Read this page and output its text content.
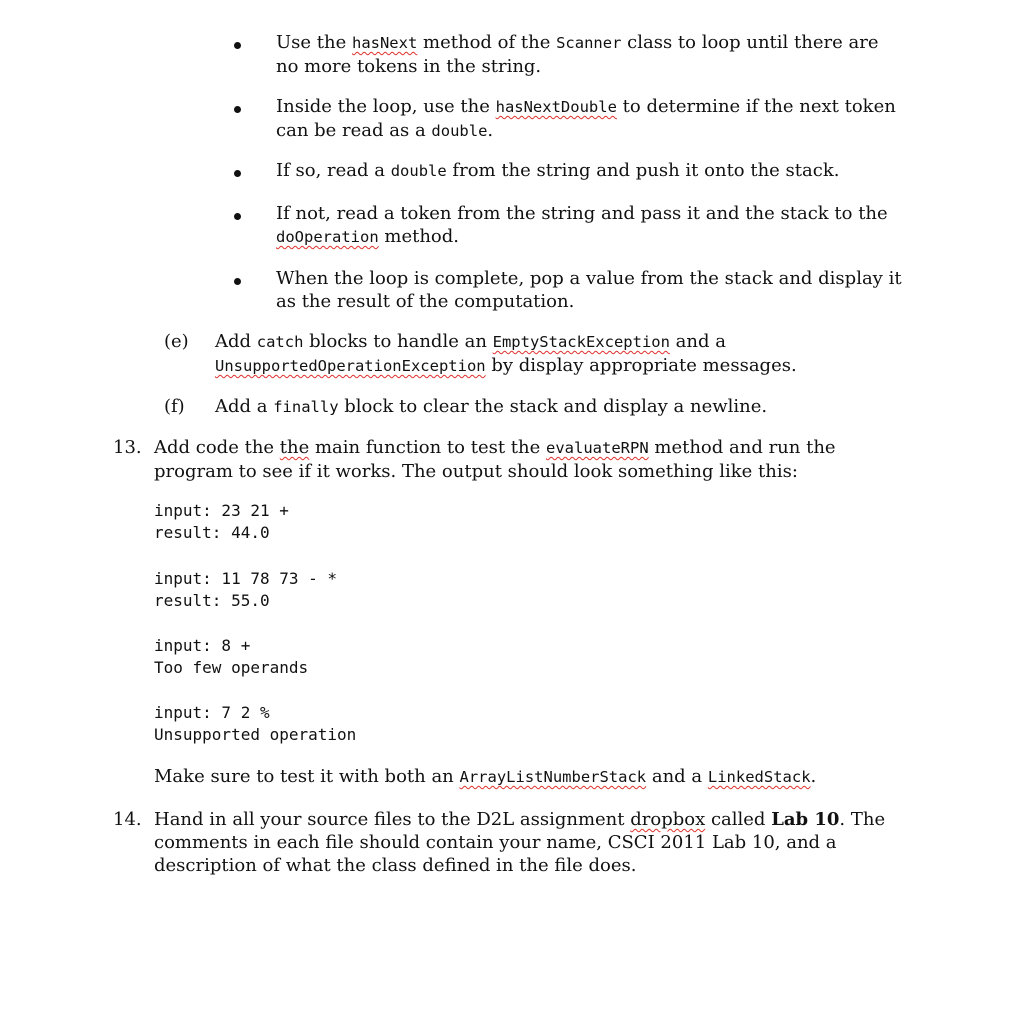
Use the hasNext method of the Scanner class to loop until there are no more tokens in the string.
Inside the loop, use the hasNextDouble to determine if the next token can be read as a double.
If so, read a double from the string and push it onto the stack.
If not, read a token from the string and pass it and the stack to the doOperation method.
When the loop is complete, pop a value from the stack and display it as the result of the computation.
(e) Add catch blocks to handle an EmptyStackException and a UnsupportedOperationException by display appropriate messages.
(f) Add a finally block to clear the stack and display a newline.
13. Add code the the main function to test the evaluateRPN method and run the program to see if it works. The output should look something like this:
input: 23 21 +
result: 44.0
input: 11 78 73 - *
result: 55.0
input: 8 +
Too few operands
input: 7 2 %
Unsupported operation
Make sure to test it with both an ArrayListNumberStack and a LinkedStack.
14. Hand in all your source files to the D2L assignment dropbox called Lab 10. The comments in each file should contain your name, CSCI 2011 Lab 10, and a description of what the class defined in the file does.
